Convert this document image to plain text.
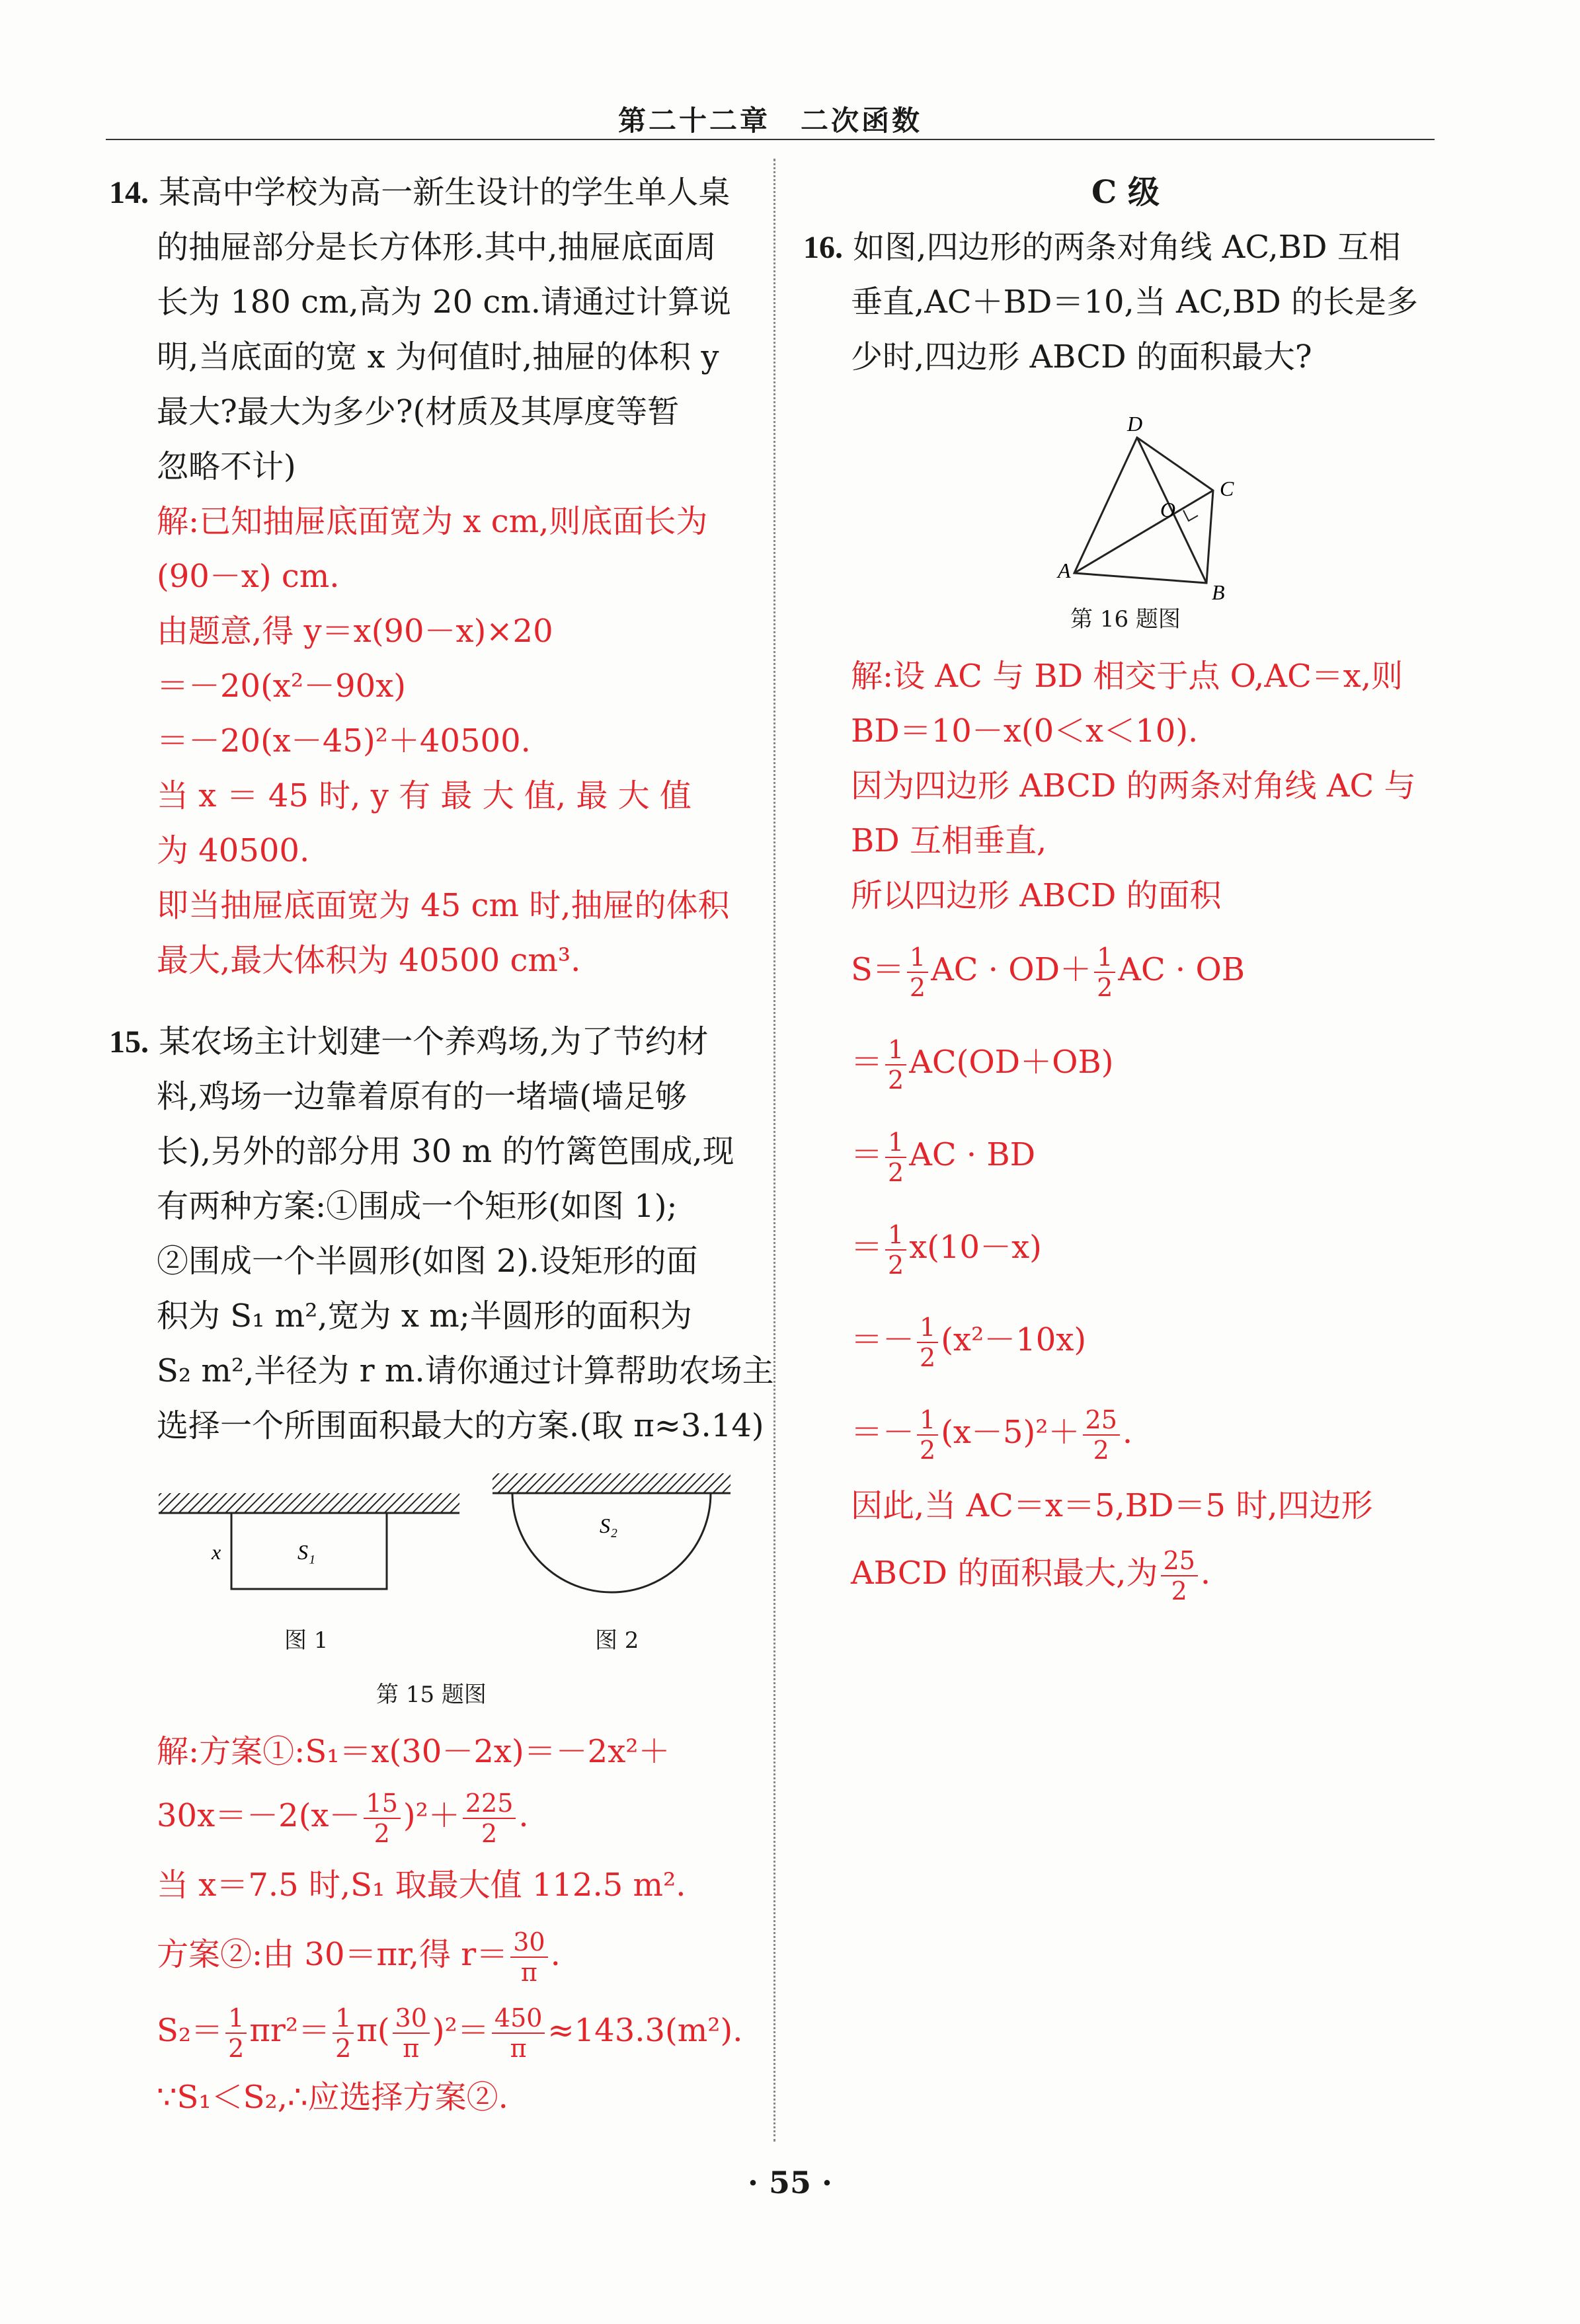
第二十二章　二次函数
14. 某高中学校为高一新生设计的学生单人桌
的抽屉部分是长方体形.其中,抽屉底面周
长为 180 cm,高为 20 cm.请通过计算说
明,当底面的宽 x 为何值时,抽屉的体积 y
最大?最大为多少?(材质及其厚度等暂
忽略不计)
解:已知抽屉底面宽为 x cm,则底面长为
(90－x) cm.
由题意,得 y＝x(90－x)×20
＝－20(x²－90x)
＝－20(x－45)²＋40500.
当 x ＝ 45 时, y 有 最 大 值, 最 大 值
为 40500.
即当抽屉底面宽为 45 cm 时,抽屉的体积
最大,最大体积为 40500 cm³.
15. 某农场主计划建一个养鸡场,为了节约材
料,鸡场一边靠着原有的一堵墙(墙足够
长),另外的部分用 30 m 的竹篱笆围成,现
有两种方案:①围成一个矩形(如图 1);
②围成一个半圆形(如图 2).设矩形的面
积为 S₁ m²,宽为 x m;半圆形的面积为
S₂ m²,半径为 r m.请你通过计算帮助农场主
选择一个所围面积最大的方案.(取 π≈3.14)
x	S₁
S₂
图 1	图 2
第 15 题图
解:方案①:S₁＝x(30－2x)＝－2x²＋
$30x=-2(x- \frac{15}{2} )^2+ \frac{225}{2}$ .
当 x＝7.5 时,S₁ 取最大值 112.5 m².
方案②:由 30＝πr,得 $r= \frac{30}{\pi}$ .
$S_2= \frac{1}{2} \pi r^2= \frac{1}{2} \pi( \frac{30}{\pi} )^2= \frac{450}{\pi} \approx 143.3(m^2)$.
∵S₁＜S₂,∴应选择方案②.
C 级
16. 如图,四边形的两条对角线 AC,BD 互相
垂直,AC＋BD＝10,当 AC,BD 的长是多
少时,四边形 ABCD 的面积最大?
A
B
C
D
O
第 16 题图
解:设 AC 与 BD 相交于点 O,AC＝x,则
BD＝10－x(0＜x＜10).
因为四边形 ABCD 的两条对角线 AC 与
BD 互相垂直,
所以四边形 ABCD 的面积
$S= \frac{1}{2}$ AC · $OD+ \frac{1}{2}$ AC · OB
＝ $\frac{1}{2} AC(OD+OB)$
＝ $\frac{1}{2}$ AC · BD
＝ $\frac{1}{2} x(10-x)$
＝－ $\frac{1}{2} (x^2-10x)$
＝－ $\frac{1}{2} (x-5)^2+ \frac{25}{2}$ .
因此,当 AC＝x＝5,BD＝5 时,四边形
ABCD 的面积最大,为 $\frac{25}{2}$ .
· 55 ·
